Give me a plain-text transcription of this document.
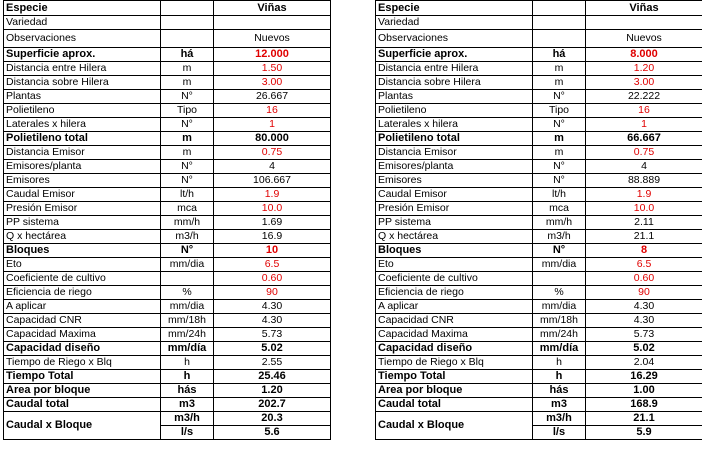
Especie		Viñas
Variedad		
Observaciones		Nuevos
Superficie aprox.	há	12.000
Distancia entre Hilera	m	1.50
Distancia sobre Hilera	m	3.00
Plantas	N°	26.667
Polietileno	Tipo	16
Laterales x hilera	N°	1
Polietileno total	m	80.000
Distancia Emisor	m	0.75
Emisores/planta	N°	4
Emisores	N°	106.667
Caudal Emisor	lt/h	1.9
Presión Emisor	mca	10.0
PP sistema	mm/h	1.69
Q x hectárea	m3/h	16.9
Bloques	N°	10
Eto	mm/dia	6.5
Coeficiente de cultivo		0.60
Eficiencia de riego	%	90
A aplicar	mm/dia	4.30
Capacidad CNR	mm/18h	4.30
Capacidad Maxima	mm/24h	5.73
Capacidad diseño	mm/día	5.02
Tiempo de Riego x Blq	h	2.55
Tiempo Total	h	25.46
Area por bloque	hás	1.20
Caudal total	m3	202.7
Caudal x Bloque	m3/h	20.3
	l/s	5.6
Especie		Viñas
Variedad		
Observaciones		Nuevos
Superficie aprox.	há	8.000
Distancia entre Hilera	m	1.20
Distancia sobre Hilera	m	3.00
Plantas	N°	22.222
Polietileno	Tipo	16
Laterales x hilera	N°	1
Polietileno total	m	66.667
Distancia Emisor	m	0.75
Emisores/planta	N°	4
Emisores	N°	88.889
Caudal Emisor	lt/h	1.9
Presión Emisor	mca	10.0
PP sistema	mm/h	2.11
Q x hectárea	m3/h	21.1
Bloques	N°	8
Eto	mm/dia	6.5
Coeficiente de cultivo		0.60
Eficiencia de riego	%	90
A aplicar	mm/dia	4.30
Capacidad CNR	mm/18h	4.30
Capacidad Maxima	mm/24h	5.73
Capacidad diseño	mm/día	5.02
Tiempo de Riego x Blq	h	2.04
Tiempo Total	h	16.29
Area por bloque	hás	1.00
Caudal total	m3	168.9
Caudal x Bloque	m3/h	21.1
	l/s	5.9
